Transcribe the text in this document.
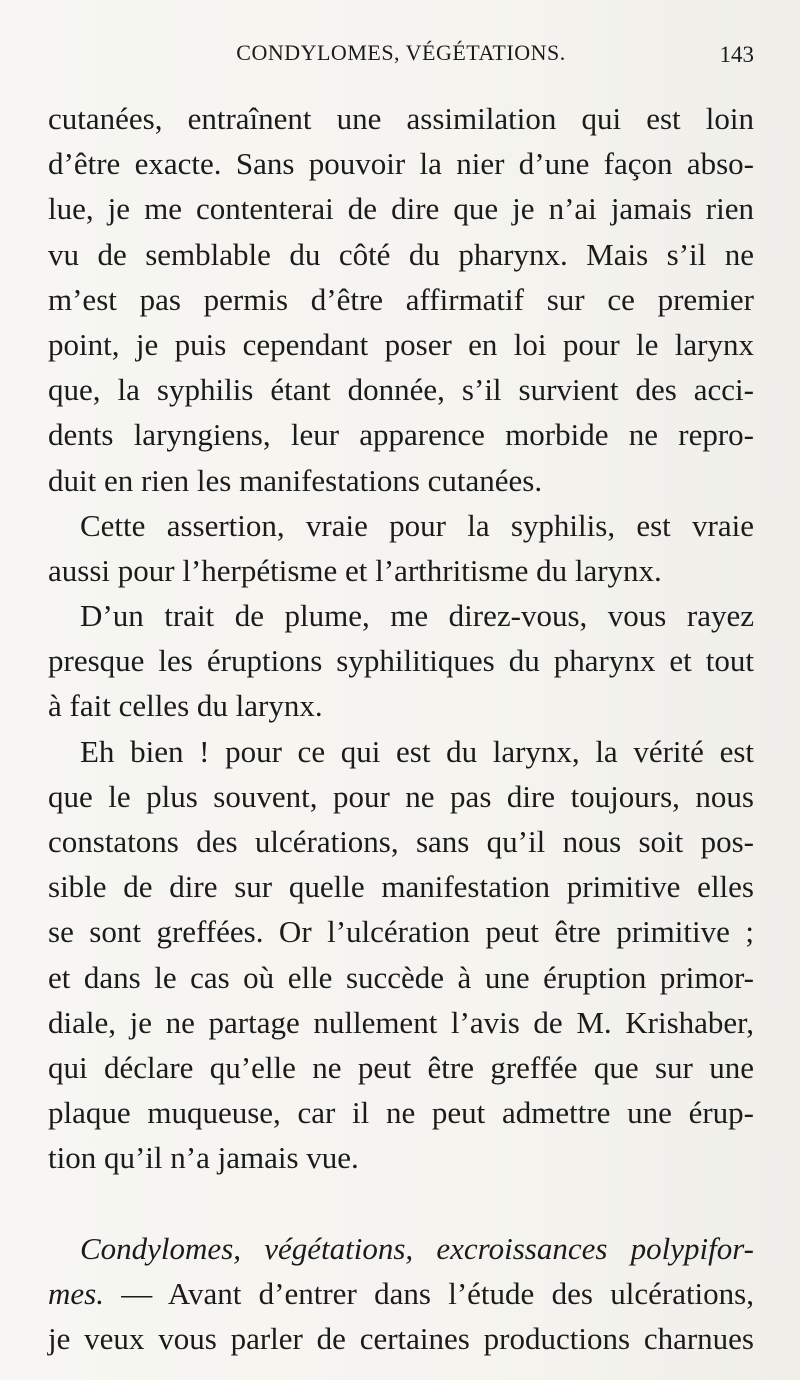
CONDYLOMES, VÉGÉTATIONS.	143
cutanées, entraînent une assimilation qui est loin
d’être exacte. Sans pouvoir la nier d’une façon abso-
lue, je me contenterai de dire que je n’ai jamais rien
vu de semblable du côté du pharynx. Mais s’il ne
m’est pas permis d’être affirmatif sur ce premier
point, je puis cependant poser en loi pour le larynx
que, la syphilis étant donnée, s’il survient des acci-
dents laryngiens, leur apparence morbide ne repro-
duit en rien les manifestations cutanées.
Cette assertion, vraie pour la syphilis, est vraie
aussi pour l’herpétisme et l’arthritisme du larynx.
D’un trait de plume, me direz-vous, vous rayez
presque les éruptions syphilitiques du pharynx et tout
à fait celles du larynx.
Eh bien ! pour ce qui est du larynx, la vérité est
que le plus souvent, pour ne pas dire toujours, nous
constatons des ulcérations, sans qu’il nous soit pos-
sible de dire sur quelle manifestation primitive elles
se sont greffées. Or l’ulcération peut être primitive ;
et dans le cas où elle succède à une éruption primor-
diale, je ne partage nullement l’avis de M. Krishaber,
qui déclare qu’elle ne peut être greffée que sur une
plaque muqueuse, car il ne peut admettre une érup-
tion qu’il n’a jamais vue.
Condylomes, végétations, excroissances polypifor-
mes. — Avant d’entrer dans l’étude des ulcérations,
je veux vous parler de certaines productions charnues
